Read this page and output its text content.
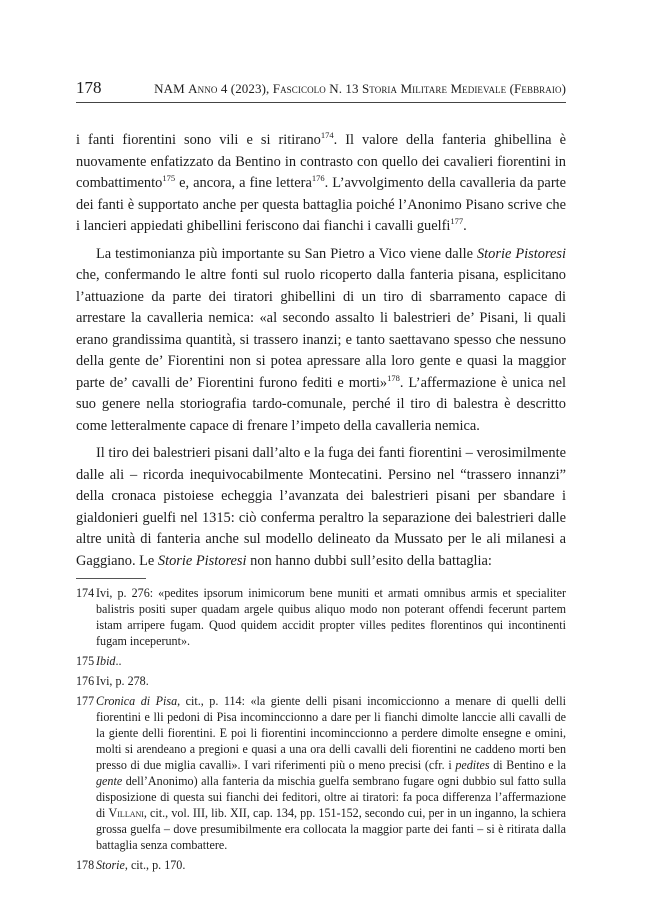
178	NAM Anno 4 (2023), Fascicolo N. 13 Storia Militare Medievale (Febbraio)

i fanti fiorentini sono vili e si ritirano$^{174}$. Il valore della fanteria ghibellina è nuovamente enfatizzato da Bentino in contrasto con quello dei cavalieri fiorentini in combattimento$^{175}$ e, ancora, a fine lettera$^{176}$. L’avvolgimento della cavalleria da parte dei fanti è supportato anche per questa battaglia poiché l’Anonimo Pisano scrive che i lancieri appiedati ghibellini feriscono dai fianchi i cavalli guelfi$^{177}$.

La testimonianza più importante su San Pietro a Vico viene dalle Storie Pistoresi che, confermando le altre fonti sul ruolo ricoperto dalla fanteria pisana, esplicitano l’attuazione da parte dei tiratori ghibellini di un tiro di sbarramento capace di arrestare la cavalleria nemica: «al secondo assalto li balestrieri de’ Pisani, li quali erano grandissima quantità, si trassero inanzi; e tanto saettavano spesso che nessuno della gente de’ Fiorentini non si potea apressare alla loro gente e quasi la maggior parte de’ cavalli de’ Fiorentini furono fediti e morti»$^{178}$. L’affermazione è unica nel suo genere nella storiografia tardo-comunale, perché il tiro di balestra è descritto come letteralmente capace di frenare l’impeto della cavalleria nemica.

Il tiro dei balestrieri pisani dall’alto e la fuga dei fanti fiorentini – verosimilmente dalle ali – ricorda inequivocabilmente Montecatini. Persino nel “trassero innanzi” della cronaca pistoiese echeggia l’avanzata dei balestrieri pisani per sbandare i gialdonieri guelfi nel 1315: ciò conferma peraltro la separazione dei balestrieri dalle altre unità di fanteria anche sul modello delineato da Mussato per le ali milanesi a Gaggiano. Le Storie Pistoresi non hanno dubbi sull’esito della battaglia:

174 Ivi, p. 276: «pedites ipsorum inimicorum bene muniti et armati omnibus armis et specialiter balistris positi super quadam argele quibus aliquo modo non poterant offendi fecerunt partem istam arripere fugam. Quod quidem accidit propter villes pedites florentinos qui incontinenti fugam inceperunt».
175 Ibid..
176 Ivi, p. 278.
177 Cronica di Pisa, cit., p. 114: «la giente delli pisani incomiccionno a menare di quelli delli fiorentini e lli pedoni di Pisa incominccionno a dare per li fianchi dimolte lanccie alli cavalli de la giente delli fiorentini. E poi li fiorentini incominccionno a perdere dimolte ensegne e omini, molti si arendeano a pregioni e quasi a una ora delli cavalli deli fiorentini ne caddeno morti ben presso di due miglia cavalli». I vari riferimenti più o meno precisi (cfr. i pedites di Bentino e la gente dell’Anonimo) alla fanteria da mischia guelfa sembrano fugare ogni dubbio sul fatto sulla disposizione di questa sui fianchi dei feditori, oltre ai tiratori: fa poca differenza l’affermazione di Villani, cit., vol. III, lib. XII, cap. 134, pp. 151-152, secondo cui, per in un inganno, la schiera grossa guelfa – dove presumibilmente era collocata la maggior parte dei fanti – si è ritirata dalla battaglia senza combattere.
178 Storie, cit., p. 170.
